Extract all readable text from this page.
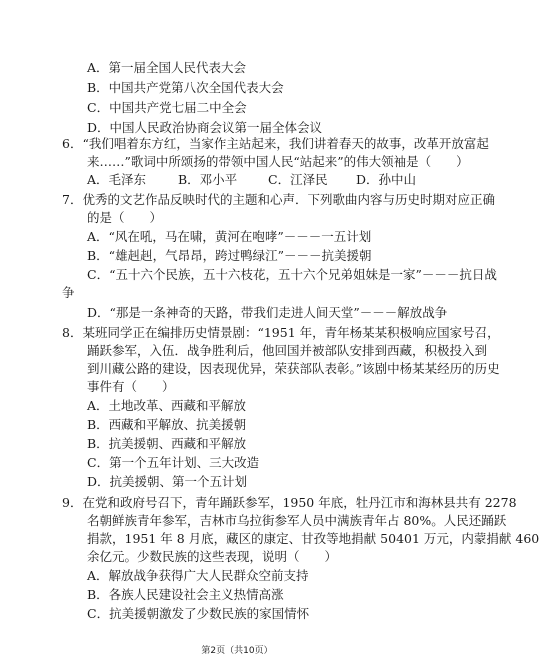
A．第一届全国人民代表大会
B．中国共产党第八次全国代表大会
C．中国共产党七届二中全会
D．中国人民政治协商会议第一届全体会议
6．“我们唱着东方红，当家作主站起来，我们讲着春天的故事，改革开放富起
来……”歌词中所颂扬的带领中国人民“站起来”的伟大领袖是（　　）
A．毛泽东	B．邓小平 C．江泽民 D．孙中山
7．优秀的文艺作品反映时代的主题和心声．下列歌曲内容与历史时期对应正确
的是（　　）
A．“风在吼，马在啸，黄河在咆哮”－－－一五计划
B．“雄赳赳，气昂昂，跨过鸭绿江”－－－抗美援朝
C．“五十六个民族，五十六枝花，五十六个兄弟姐妹是一家”－－－抗日战
争
D．“那是一条神奇的天路，带我们走进人间天堂”－－－解放战争
8．某班同学正在编排历史情景剧：“1951 年，青年杨某某积极响应国家号召，
踊跃参军，入伍．战争胜利后，他回国并被部队安排到西藏，积极投入到
到川藏公路的建设，因表现优异，荣获部队表彰。”该剧中杨某某经历的历史
事件有（　　）
A．土地改革、西藏和平解放
B．西藏和平解放、抗美援朝
B．抗美援朝、西藏和平解放
C．第一个五年计划、三大改造
D．抗美援朝、第一个五计划
9．在党和政府号召下，青年踊跃参军，1950 年底，牡丹江市和海林县共有 2278
名朝鲜族青年参军，吉林市乌拉街参军人员中满族青年占 80%。人民还踊跃
捐款，1951 年 8 月底，藏区的康定、甘孜等地捐献 50401 万元，内蒙捐献 460
余亿元。少数民族的这些表现，说明（　　）
A．解放战争获得广大人民群众空前支持
B．各族人民建设社会主义热情高涨
C．抗美援朝激发了少数民族的家国情怀
第2页（共10页）
